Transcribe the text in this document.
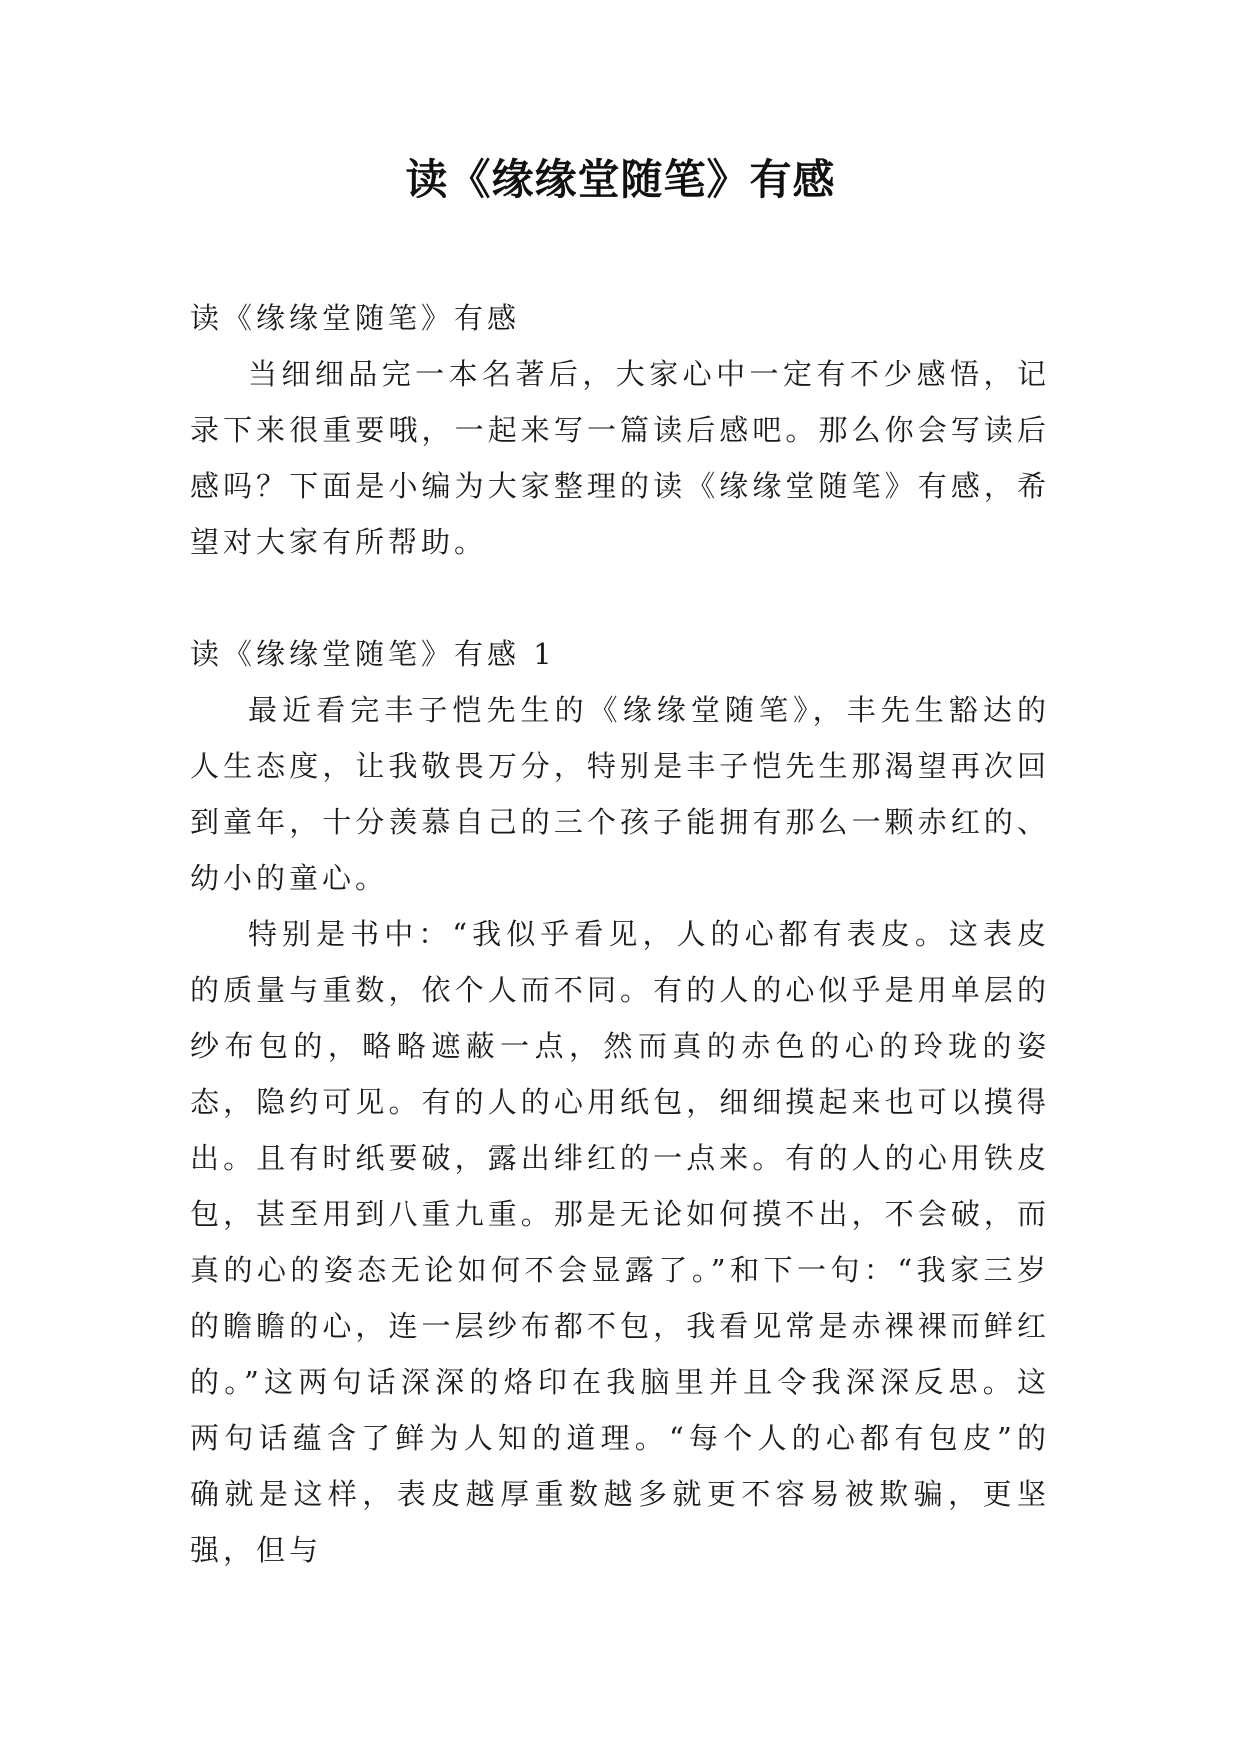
读《缘缘堂随笔》有感

读《缘缘堂随笔》有感

当细细品完一本名著后，大家心中一定有不少感悟，记录下来很重要哦，一起来写一篇读后感吧。那么你会写读后感吗？下面是小编为大家整理的读《缘缘堂随笔》有感，希望对大家有所帮助。

读《缘缘堂随笔》有感 1

最近看完丰子恺先生的《缘缘堂随笔》，丰先生豁达的人生态度，让我敬畏万分，特别是丰子恺先生那渴望再次回到童年，十分羡慕自己的三个孩子能拥有那么一颗赤红的、幼小的童心。

特别是书中：“我似乎看见，人的心都有表皮。这表皮的质量与重数，依个人而不同。有的人的心似乎是用单层的纱布包的，略略遮蔽一点，然而真的赤色的心的玲珑的姿态，隐约可见。有的人的心用纸包，细细摸起来也可以摸得出。且有时纸要破，露出绯红的一点来。有的人的心用铁皮包，甚至用到八重九重。那是无论如何摸不出，不会破，而真的心的姿态无论如何不会显露了。”和下一句：“我家三岁的瞻瞻的心，连一层纱布都不包，我看见常是赤裸裸而鲜红的。”这两句话深深的烙印在我脑里并且令我深深反思。这两句话蕴含了鲜为人知的道理。“每个人的心都有包皮”的确就是这样，表皮越厚重数越多就更不容易被欺骗，更坚强，但与
